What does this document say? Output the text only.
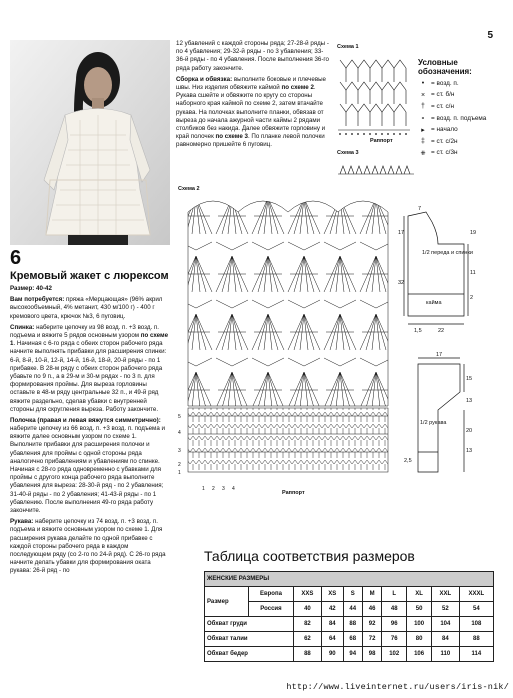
5
6
Кремовый жакет с люрексом

Размер: 40-42

Вам потребуется: пряжа «Мерцающая» (96% акрил высокообъемный, 4% метанит, 430 м/100 г) - 400 г кремового цвета, крючок №3, 6 пуговиц.

Спинка: наберите цепочку из 98 возд. п. +3 возд. п. подъема и вяжите 5 рядов основным узором по схеме 1. Начиная с 6-го ряда с обеих сторон рабочего ряда начните выполнять прибавки для расширения спинки: 6-й, 8-й, 10-й, 12-й, 14-й, 16-й, 18-й, 20-й ряды - по 1 прибавке. В 28-м ряду с обеих сторон рабочего ряда убавьте по 9 п., а в 29-м и 30-м рядах - по 3 п. для формирования проймы. Для выреза горловины оставьте в 48-м ряду центральные 32 п., и 49-й ряд вяжите раздельно, сделав убавки с внутренней стороны для скругления выреза. Работу закончите.

Полочка (правая и левая вяжутся симметрично): наберите цепочку из 66 возд. п. +3 возд. п. подъема и вяжите далее основным узором по схеме 1. Выполните прибавки для расширения полочки и убавления для проймы с одной стороны ряда аналогично прибавлениям и убавлениям по спинке. Начиная с 28-го ряда одновременно с убавками для проймы с другого конца рабочего ряда выполните убавления для выреза: 28-30-й ряд - по 2 убавления; 31-40-й ряды - по 2 убавления; 41-43-й ряды - по 1 убавлению. После выполнения 49-го ряда работу закончите.

Рукава: наберите цепочку из 74 возд. п. +3 возд. п. подъема и вяжите основным узором по схеме 1. Для расширения рукава делайте по одной прибавке с каждой стороны рабочего ряда в каждом последующем ряду (со 2-го по 24-й ряд). С 26-го ряда начните делать убавки для формирования оката рукава: 26-й ряд - по

12 убавлений с каждой стороны ряда; 27-28-й ряды - по 4 убавления; 29-32-й ряды - по 3 убавления; 33-36-й ряды - по 4 убавления. После выполнения 36-го ряда работу закончите.

Сборка и обвязка: выполните боковые и плечевые швы. Низ изделия обвяжите каймой по схеме 2. Рукава сшейте и обвяжите по кругу со стороны наборного края каймой по схеме 2, затем втачайте рукава. На полочках выполните планки, обвязав от выреза до начала ажурной части каймы 2 рядами столбиков без накида. Далее обвяжите горловину и край полочек по схеме 3. По планке левой полочки равномерно пришейте 6 пуговиц.

Схема 1
Раппорт
Условные обозначения:
•	= возд. п.
× = ст. б/н
† = ст. с/н
∘ = возд. п. подъема
▸ = начало
‡ = ст. с/2н
⧺ = ст. с/3н
Схема 3
Схема 2
5
4
3
2
1
1 2 3 4
Раппорт
1/2 переда и спинки
кайма
7
17	19
11
2
1,5	22
32
1/2 рукава
17
15
13
20
13
2,5
Таблица соответствия размеров
ЖЕНСКИЕ РАЗМЕРЫ									
Размер	Европа	XXS	XS	S	M	L	XL	XXL	XXXL
	Россия	40	42	44	46	48	50	52	54
Обхват груди		82	84	88	92	96	100	104	108
Обхват талии		62	64	68	72	76	80	84	88
Обхват бедер		88	90	94	98	102	106	110	114
http://www.liveinternet.ru/users/iris-nik/
